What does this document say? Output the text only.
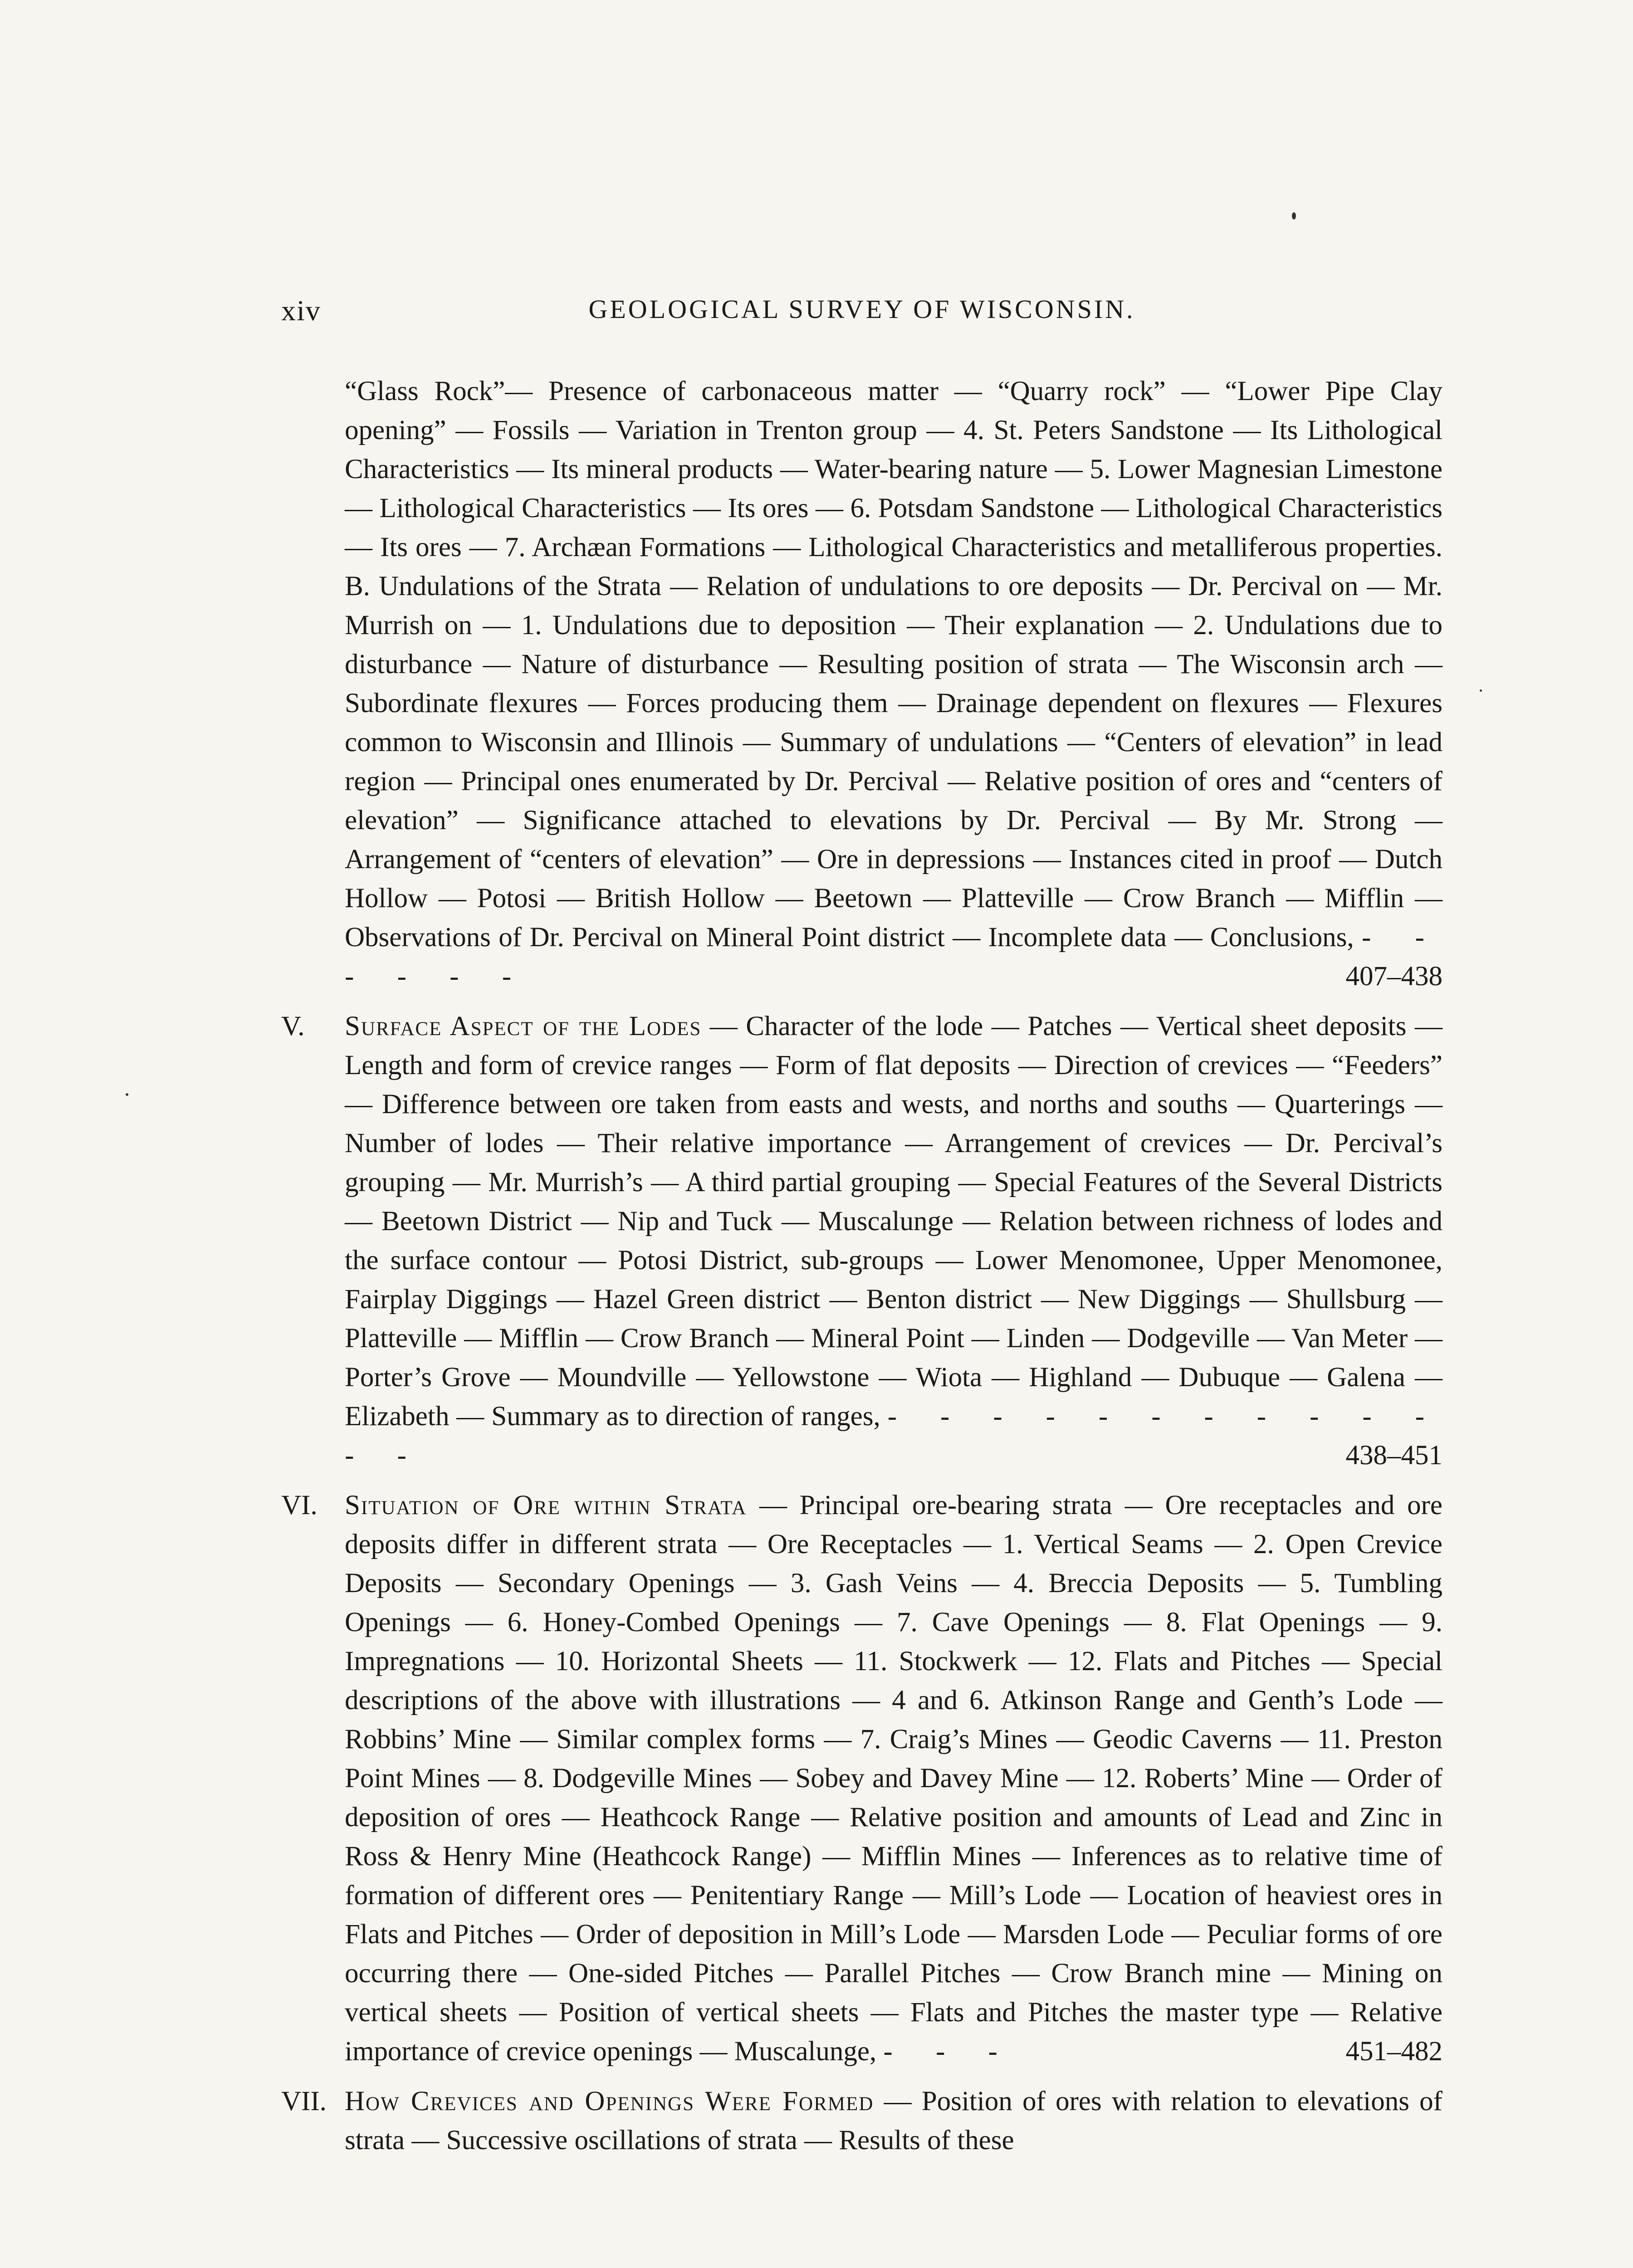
xiv	GEOLOGICAL SURVEY OF WISCONSIN.

“Glass Rock”— Presence of carbonaceous matter — “Quarry rock” — “Lower Pipe Clay opening” — Fossils — Variation in Trenton group — 4. St. Peters Sandstone — Its Lithological Characteristics — Its mineral products — Water-bearing nature — 5. Lower Magnesian Limestone — Lithological Characteristics — Its ores — 6. Potsdam Sandstone — Lithological Characteristics — Its ores — 7. Archæan Formations — Lithological Characteristics and metalliferous properties. B. Undulations of the Strata — Relation of undulations to ore deposits — Dr. Percival on — Mr. Murrish on — 1. Undulations due to deposition — Their explanation — 2. Undulations due to disturbance — Nature of disturbance — Resulting position of strata — The Wisconsin arch — Subordinate flexures — Forces producing them — Drainage dependent on flexures — Flexures common to Wisconsin and Illinois — Summary of undulations — “Centers of elevation” in lead region — Principal ones enumerated by Dr. Percival — Relative position of ores and “centers of elevation” — Significance attached to elevations by Dr. Percival — By Mr. Strong — Arrangement of “centers of elevation” — Ore in depressions — Instances cited in proof — Dutch Hollow — Potosi — British Hollow — Beetown — Platteville — Crow Branch — Mifflin — Observations of Dr. Percival on Mineral Point district — Incomplete data — Conclusions, - - - - - -	407–438

V.	Surface Aspect of the Lodes — Character of the lode — Patches — Vertical sheet deposits — Length and form of crevice ranges — Form of flat deposits — Direction of crevices — “Feeders” — Difference between ore taken from easts and wests, and norths and souths — Quarterings — Number of lodes — Their relative importance — Arrangement of crevices — Dr. Percival’s grouping — Mr. Murrish’s — A third partial grouping — Special Features of the Several Districts — Beetown District — Nip and Tuck — Muscalunge — Relation between richness of lodes and the surface contour — Potosi District, sub-groups — Lower Menomonee, Upper Menomonee, Fairplay Diggings — Hazel Green district — Benton district — New Diggings — Shullsburg — Platteville — Mifflin — Crow Branch — Mineral Point — Linden — Dodgeville — Van Meter — Porter’s Grove — Moundville — Yellowstone — Wiota — Highland — Dubuque — Galena — Elizabeth — Summary as to direction of ranges, - - - - - - - - - - - - -	438–451

VI. Situation of Ore within Strata — Principal ore-bearing strata — Ore receptacles and ore deposits differ in different strata — Ore Receptacles — 1. Vertical Seams — 2. Open Crevice Deposits — Secondary Openings — 3. Gash Veins — 4. Breccia Deposits — 5. Tumbling Openings — 6. Honey-Combed Openings — 7. Cave Openings — 8. Flat Openings — 9. Impregnations — 10. Horizontal Sheets — 11. Stockwerk — 12. Flats and Pitches — Special descriptions of the above with illustrations — 4 and 6. Atkinson Range and Genth’s Lode — Robbins’ Mine — Similar complex forms — 7. Craig’s Mines — Geodic Caverns — 11. Preston Point Mines — 8. Dodgeville Mines — Sobey and Davey Mine — 12. Roberts’ Mine — Order of deposition of ores — Heathcock Range — Relative position and amounts of Lead and Zinc in Ross & Henry Mine (Heathcock Range) — Mifflin Mines — Inferences as to relative time of formation of different ores — Penitentiary Range — Mill’s Lode — Location of heaviest ores in Flats and Pitches — Order of deposition in Mill’s Lode — Marsden Lode — Peculiar forms of ore occurring there — One-sided Pitches — Parallel Pitches — Crow Branch mine — Mining on vertical sheets — Position of vertical sheets — Flats and Pitches the master type — Relative importance of crevice openings — Muscalunge, - - -	451–482

VII. How Crevices and Openings Were Formed — Position of ores with relation to elevations of strata — Successive oscillations of strata — Results of these
